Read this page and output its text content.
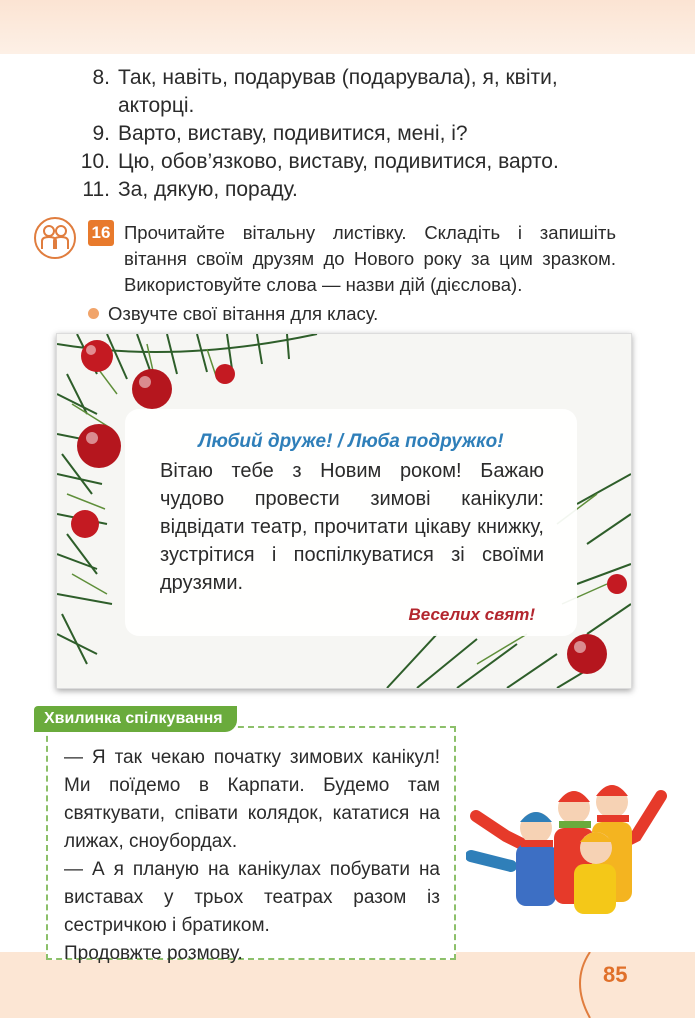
8. Так, навіть, подарував (подарувала), я, квіти, акторці.
9. Варто, виставу, подивитися, мені, і?
10. Цю, обов’язково, виставу, подивитися, варто.
11. За, дякую, пораду.
16 Прочитайте вітальну листівку. Складіть і запишіть вітання своїм друзям до Нового року за цим зразком. Використовуйте слова — назви дій (дієслова).

Озвучте свої вітання для класу.
Любий друже! / Люба подружко!

Вітаю тебе з Новим роком! Бажаю чудово провести зимові канікули: відвідати театр, прочитати цікаву книжку, зустрітися і поспілкуватися зі своїми друзями.

Веселих свят!

— Я так чекаю початку зимових канікул! Ми поїдемо в Карпати. Будемо там святкувати, співати колядок, кататися на лижах, сноубордах.

— А я планую на канікулах побувати на виставах у трьох театрах разом із сестричкою і братиком.

Продовжте розмову.

Хвилинка спілкування
85
